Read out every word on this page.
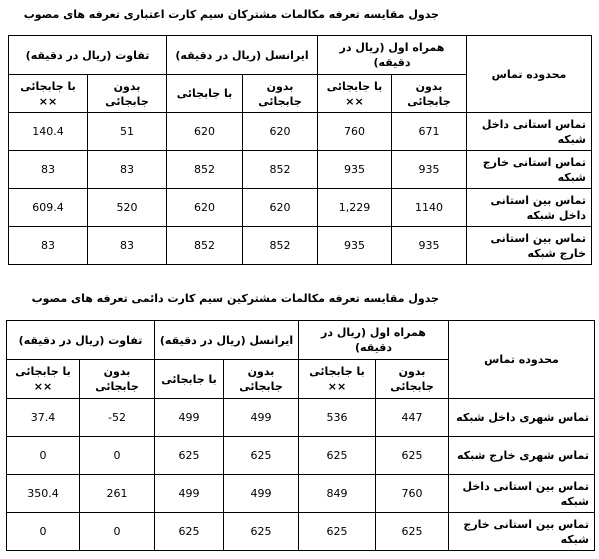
جدول مقایسه تعرفه مکالمات مشترکان سیم کارت اعتباری تعرفه های مصوب
محدوده تماس	همراه اول (ریال در دقیقه)		ایرانسل (ریال در دقیقه)		تفاوت (ریال در دقیقه)	
	بدون جابجائی	با جابجائی ××	بدون جابجائی	با جابجائی	بدون جابجائی	با جابجائی ××
تماس استانی داخل شبکه	671	760	620	620	51	140.4
تماس استانی خارج شبکه	935	935	852	852	83	83
تماس بین استانی داخل شبکه	1140	1,229	620	620	520	609.4
تماس بین استانی خارج شبکه	935	935	852	852	83	83
جدول مقایسه تعرفه مکالمات مشترکین سیم کارت دائمی تعرفه های مصوب
محدوده تماس	همراه اول (ریال در دقیقه)		ایرانسل (ریال در دقیقه)		تفاوت (ریال در دقیقه)	
	بدون جابجائی	با جابجائی ××	بدون جابجائی	با جابجائی	بدون جابجائی	با جابجائی ××
تماس شهری داخل شبکه	447	536	499	499	52-	37.4
تماس شهری خارج شبکه	625	625	625	625	0	0
تماس بین استانی داخل شبکه	760	849	499	499	261	350.4
تماس بین استانی خارج شبکه	625	625	625	625	0	0
